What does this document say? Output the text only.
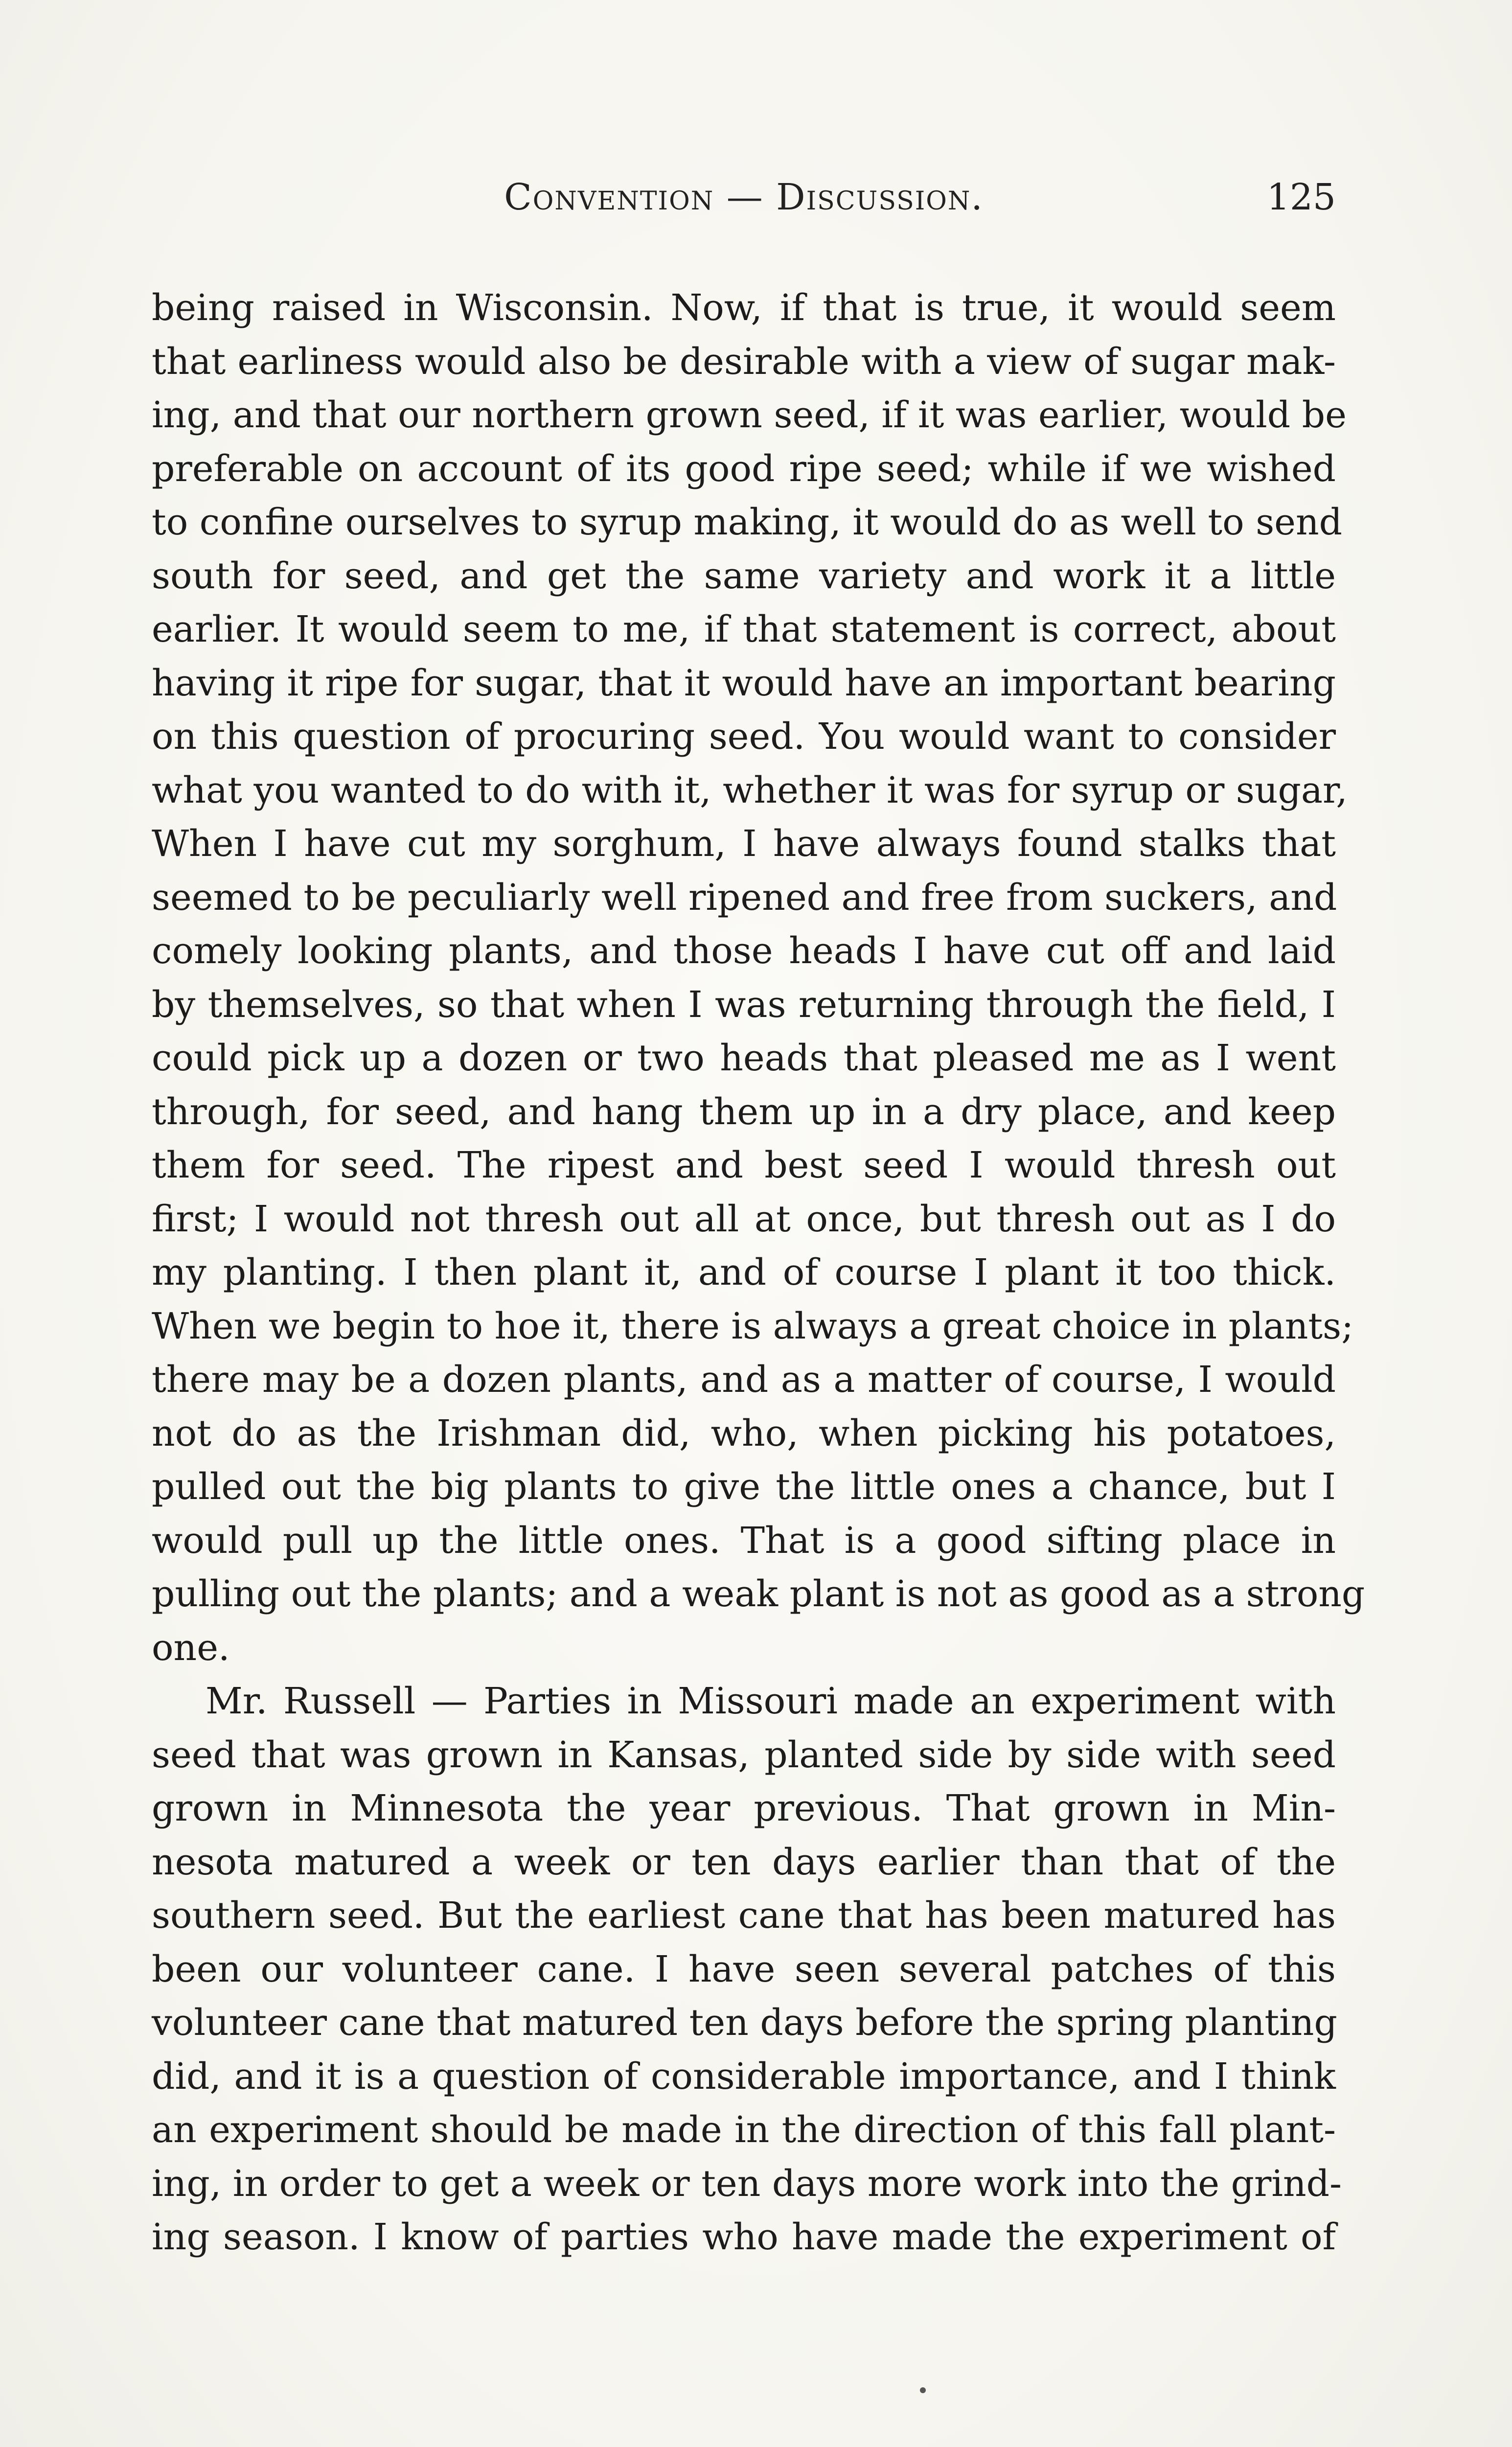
Convention — Discussion.	125
being raised in Wisconsin. Now, if that is true, it would seem
that earliness would also be desirable with a view of sugar mak-
ing, and that our northern grown seed, if it was earlier, would be
preferable on account of its good ripe seed; while if we wished
to confine ourselves to syrup making, it would do as well to send
south for seed, and get the same variety and work it a little
earlier. It would seem to me, if that statement is correct, about
having it ripe for sugar, that it would have an important bearing
on this question of procuring seed. You would want to consider
what you wanted to do with it, whether it was for syrup or sugar,
When I have cut my sorghum, I have always found stalks that
seemed to be peculiarly well ripened and free from suckers, and
comely looking plants, and those heads I have cut off and laid
by themselves, so that when I was returning through the field, I
could pick up a dozen or two heads that pleased me as I went
through, for seed, and hang them up in a dry place, and keep
them for seed. The ripest and best seed I would thresh out
first; I would not thresh out all at once, but thresh out as I do
my planting. I then plant it, and of course I plant it too thick.
When we begin to hoe it, there is always a great choice in plants;
there may be a dozen plants, and as a matter of course, I would
not do as the Irishman did, who, when picking his potatoes,
pulled out the big plants to give the little ones a chance, but I
would pull up the little ones. That is a good sifting place in
pulling out the plants; and a weak plant is not as good as a strong
one.
Mr. Russell — Parties in Missouri made an experiment with
seed that was grown in Kansas, planted side by side with seed
grown in Minnesota the year previous. That grown in Min-
nesota matured a week or ten days earlier than that of the
southern seed. But the earliest cane that has been matured has
been our volunteer cane. I have seen several patches of this
volunteer cane that matured ten days before the spring planting
did, and it is a question of considerable importance, and I think
an experiment should be made in the direction of this fall plant-
ing, in order to get a week or ten days more work into the grind-
ing season. I know of parties who have made the experiment of
